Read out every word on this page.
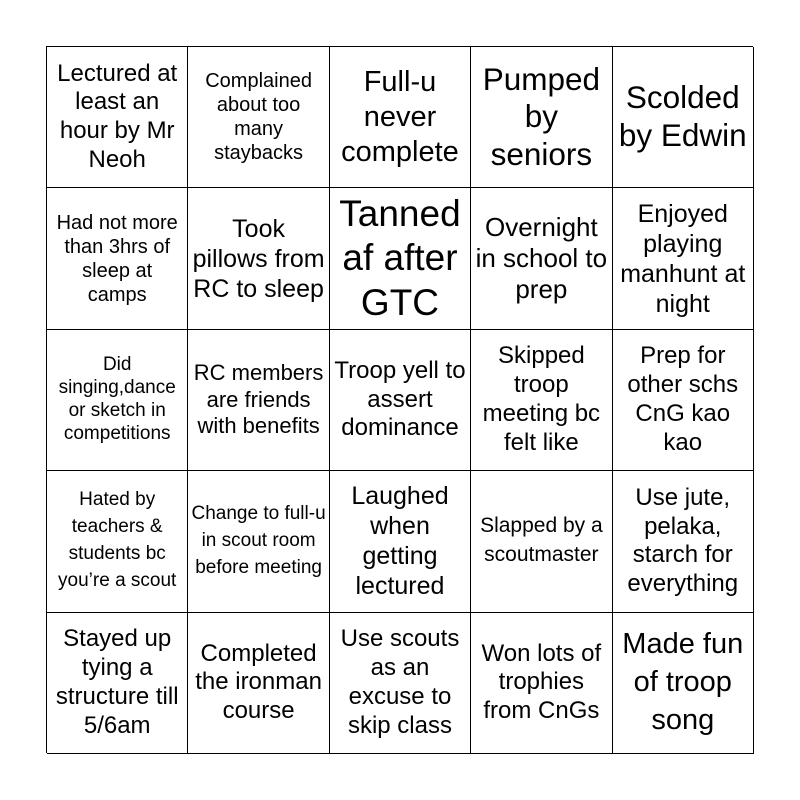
Lectured at least an hour by Mr Neoh
Complained about too many staybacks
Full-u never complete
Pumped by seniors
Scolded by Edwin
Had not more than 3hrs of sleep at camps
Took pillows from RC to sleep
Tanned af after GTC
Overnight in school to prep
Enjoyed playing manhunt at night
Did singing,dance or sketch in competitions
RC members are friends with benefits
Troop yell to assert dominance
Skipped troop meeting bc felt like
Prep for other schs CnG kao kao
Hated by teachers & students bc you’re a scout
Change to full-u in scout room before meeting
Laughed when getting lectured
Slapped by a scoutmaster
Use jute, pelaka, starch for everything
Stayed up tying a structure till 5/6am
Completed the ironman course
Use scouts as an excuse to skip class
Won lots of trophies from CnGs
Made fun of troop song
